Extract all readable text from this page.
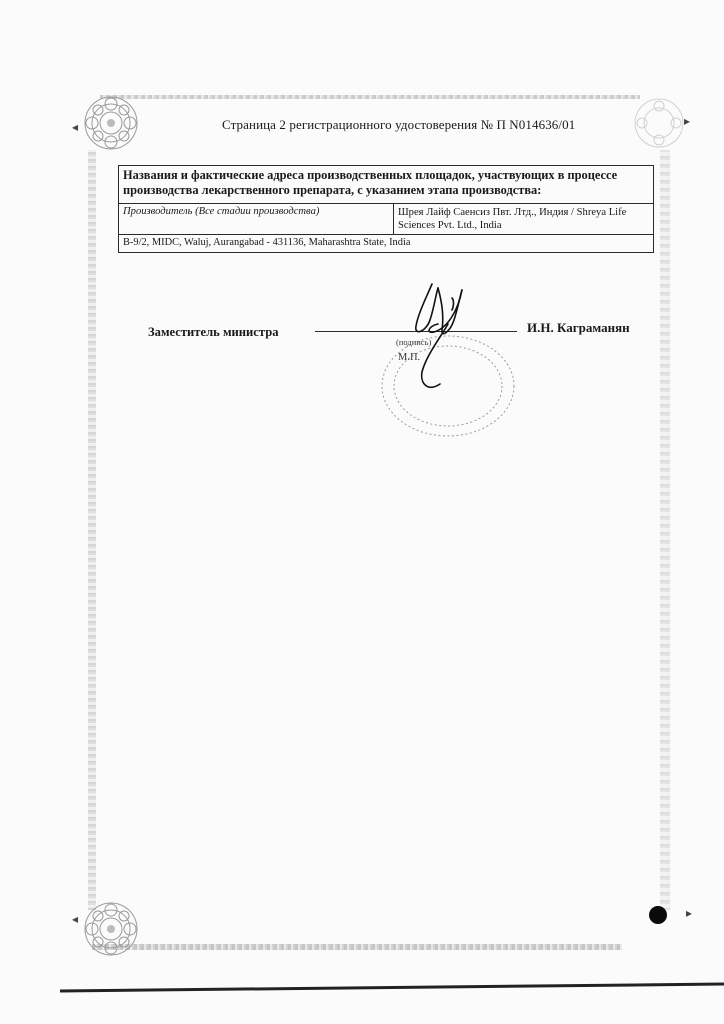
◂	▸
◂	▸
Страница 2 регистрационного удостоверения № П N014636/01
Названия и фактические адреса производственных площадок, участвующих в процессе производства лекарственного препарата, с указанием этапа производства:
Производитель (Все стадии производства)	Шрея Лайф Саенсиз Пвт. Лтд., Индия / Shreya Life Sciences Pvt. Ltd., India
B-9/2, MIDC, Waluj, Aurangabad - 431136, Maharashtra State, India
Заместитель министра	И.Н. Каграманян
(подпись)
М.П.
